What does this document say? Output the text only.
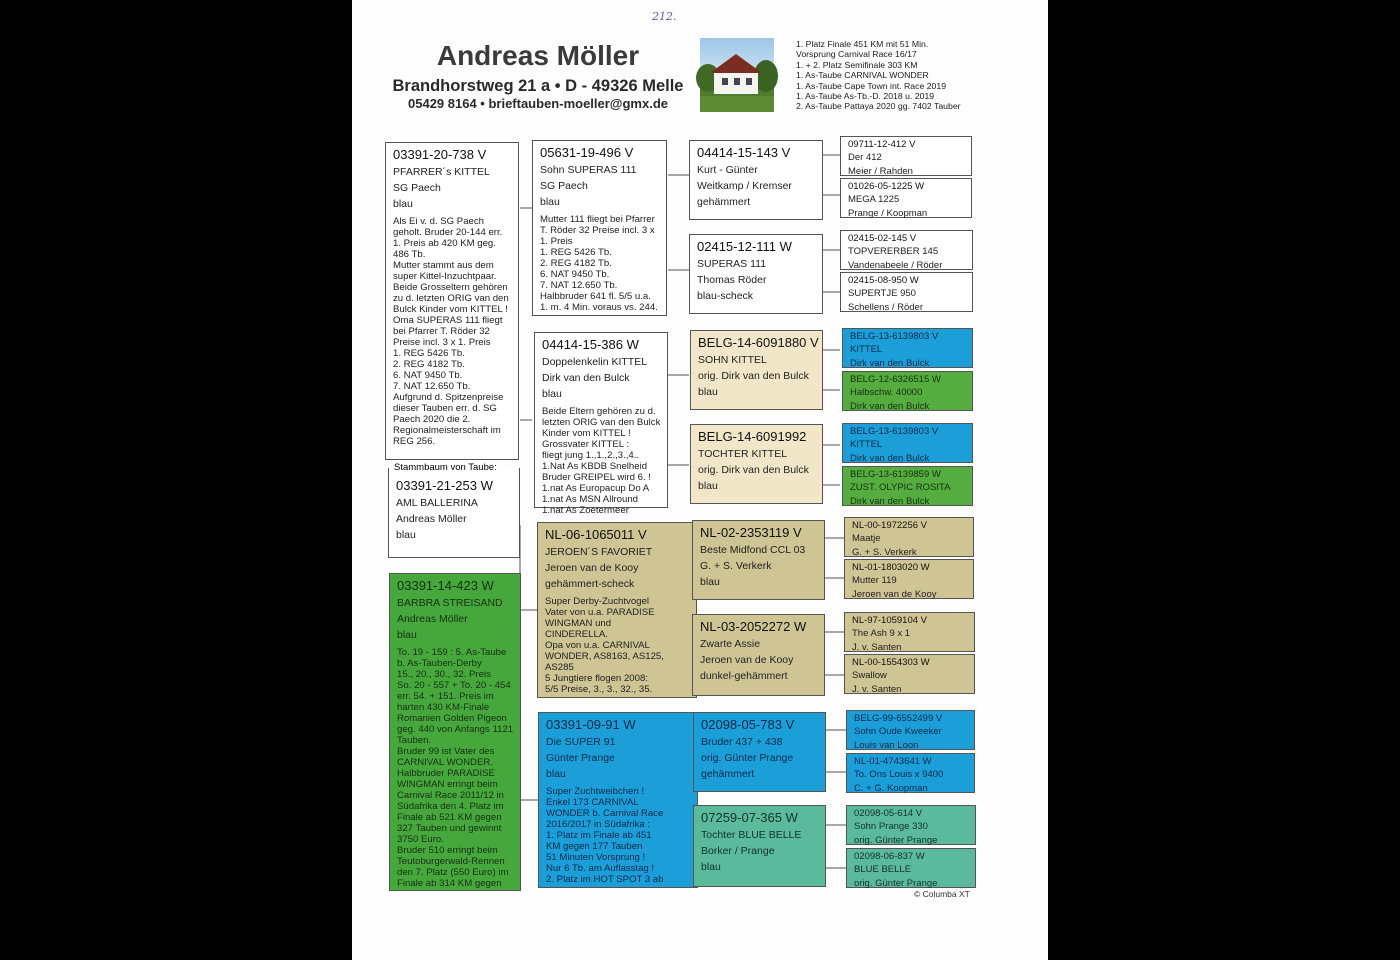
212.
Andreas Möller
Brandhorstweg 21 a • D - 49326 Melle
05429 8164 • brieftauben-moeller@gmx.de
1. Platz Finale 451 KM mit 51 Min.
Vorsprung Carnival Race 16/17
1. + 2. Platz Semifinale 303 KM
1. As-Taube CARNIVAL WONDER
1. As-Taube Cape Town int. Race 2019
1. As-Taube As-Tb.-D. 2018 u. 2019
2. As-Taube Pattaya 2020 gg. 7402 Tauber
03391-20-738 V
PFARRER´s KITTEL
SG Paech
blau
Als Ei v. d. SG Paech
geholt. Bruder 20-144 err.
1. Preis ab 420 KM geg.
486 Tb.
Mutter stammt aus dem
super Kittel-Inzuchtpaar.
Beide Grosseltern gehören
zu d. letzten ORIG van den
Bulck Kinder vom KITTEL !
Oma SUPERAS 111 fliegt
bei Pfarrer T. Röder 32
Preise incl. 3 x 1. Preis
1. REG 5426 Tb.
2. REG 4182 Tb.
6. NAT 9450 Tb.
7. NAT 12.650 Tb.
Aufgrund d. Spitzenpreise
dieser Tauben err. d. SG
Paech 2020 die 2.
Regionalmeisterschaft im
REG 256.
Stammbaum von Taube:
03391-21-253 W
AML BALLERINA
Andreas Möller
blau
03391-14-423 W
BARBRA STREISAND
Andreas Möller
blau
To. 19 - 159 : 5. As-Taube
b. As-Tauben-Derby
15., 20., 30., 32. Preis
So. 20 - 557 + To. 20 - 454
err. 54. + 151. Preis im
harten 430 KM-Finale
Romanien Golden Pigeon
geg. 440 von Anfangs 1121
Tauben.
Bruder 99 ist Vater des
CARNIVAL WONDER.
Halbbruder PARADISE
WINGMAN erringt beim
Carnival Race 2011/12 in
Südafrika den 4. Platz im
Finale ab 521 KM gegen
327 Tauben und gewinnt
3750 Euro.
Bruder 510 erringt beim
Teutoburgerwald-Rennen
den 7. Platz (550 Euro) im
Finale ab 314 KM gegen
05631-19-496 V
Sohn SUPERAS 111
SG Paech
blau
Mutter 111 fliegt bei Pfarrer
T. Röder 32 Preise incl. 3 x
1. Preis
1. REG 5426 Tb.
2. REG 4182 Tb.
6. NAT 9450 Tb.
7. NAT 12.650 Tb.
Halbbruder 641 fl. 5/5 u.a.
1. m. 4 Min. voraus vs. 244.
04414-15-386 W
Doppelenkelin KITTEL
Dirk van den Bulck
blau
Beide Eltern gehören zu d.
letzten ORIG van den Bulck
Kinder vom KITTEL !
Grossvater KITTEL :
fliegt jung 1.,1.,2.,3.,4..
1.Nat As KBDB Snelheid
Bruder GREIPEL wird 6. !
1.nat As Europacup Do A
1.nat As MSN Allround
1.nat As Zoetermeer
NL-06-1065011 V
JEROEN´S FAVORIET
Jeroen van de Kooy
gehämmert-scheck
Super Derby-Zuchtvogel
Vater von u.a. PARADISE
WINGMAN und
CINDERELLA.
Opa von u.a. CARNIVAL
WONDER, AS8163, AS125,
AS285
5 Jungtiere flogen 2008:
5/5 Preise, 3., 3., 32., 35.
03391-09-91 W
Die SUPER 91
Günter Prange
blau
Super Zuchtweibchen !
Enkel 173 CARNIVAL
WONDER b. Carnival Race
2016/2017 in Südafrika :
1. Platz im Finale ab 451
KM gegen 177 Tauben
51 Minuten Vorsprung !
Nur 6 Tb. am Auflasstag !
2. Platz im HOT SPOT 3 ab
04414-15-143 V
Kurt - Günter
Weitkamp / Kremser
gehämmert
02415-12-111 W
SUPERAS 111
Thomas Röder
blau-scheck
BELG-14-6091880 V
SOHN KITTEL
orig. Dirk van den Bulck
blau
BELG-14-6091992
TOCHTER KITTEL
orig. Dirk van den Bulck
blau
NL-02-2353119 V
Beste Midfond CCL 03
G. + S. Verkerk
blau
NL-03-2052272 W
Zwarte Assie
Jeroen van de Kooy
dunkel-gehämmert
02098-05-783 V
Bruder 437 + 438
orig. Günter Prange
gehämmert
07259-07-365 W
Tochter BLUE BELLE
Borker / Prange
blau
09711-12-412 V
Der 412
Meier / Rahden
01026-05-1225 W
MEGA 1225
Prange / Koopman
02415-02-145 V
TOPVERERBER 145
Vandenabeele / Röder
02415-08-950 W
SUPERTJE 950
Schellens / Röder
BELG-13-6139803 V
KITTEL
Dirk van den Bulck
BELG-12-6326515 W
Halbschw. 40000
Dirk van den Bulck
BELG-13-6139803 V
KITTEL
Dirk van den Bulck
BELG-13-6139859 W
ZUST. OLYPIC ROSITA
Dirk van den Bulck
NL-00-1972256 V
Maatje
G. + S. Verkerk
NL-01-1803020 W
Mutter 119
Jeroen van de Kooy
NL-97-1059104 V
The Ash 9 x 1
J. v. Santen
NL-00-1554303 W
Swallow
J. v. Santen
BELG-99-6552499 V
Sohn Oude Kweeker
Louis van Loon
NL-01-4743641 W
To. Ons Louis x 9400
C. + G. Koopman
02098-05-614 V
Sohn Prange 330
orig. Günter Prange
02098-06-837 W
BLUE BELLE
orig. Günter Prange
© Columba XT
